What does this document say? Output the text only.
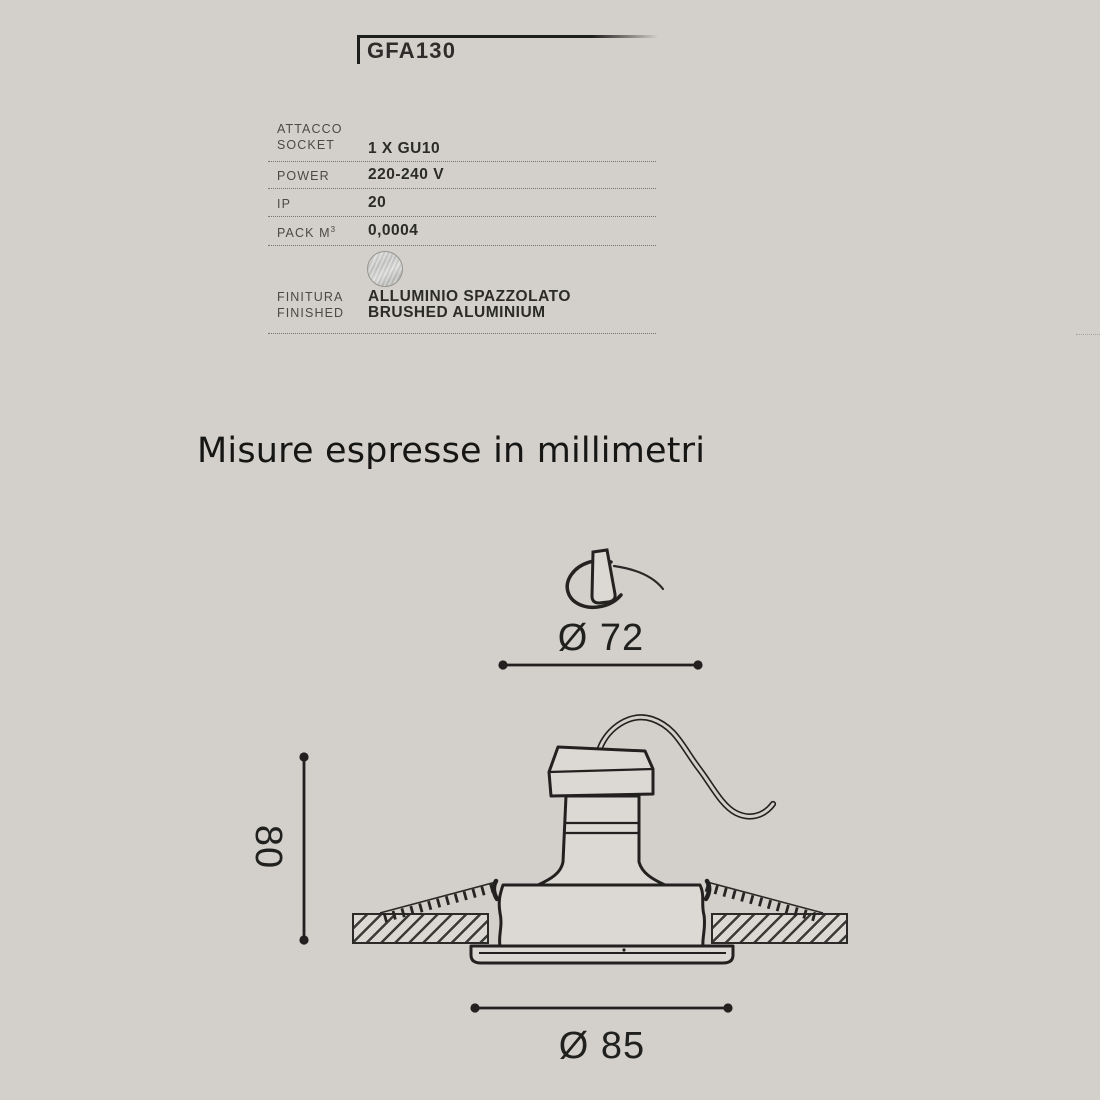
GFA130
ATTACCO
SOCKET 1 X GU10
POWER 220-240 V
IP	20
PACK $M^3$ 0,0004
FINITURA
FINISHED
ALLUMINIO SPAZZOLATO
BRUSHED ALUMINIUM
Misure espresse in millimetri
Ø 72
80
Ø 85
